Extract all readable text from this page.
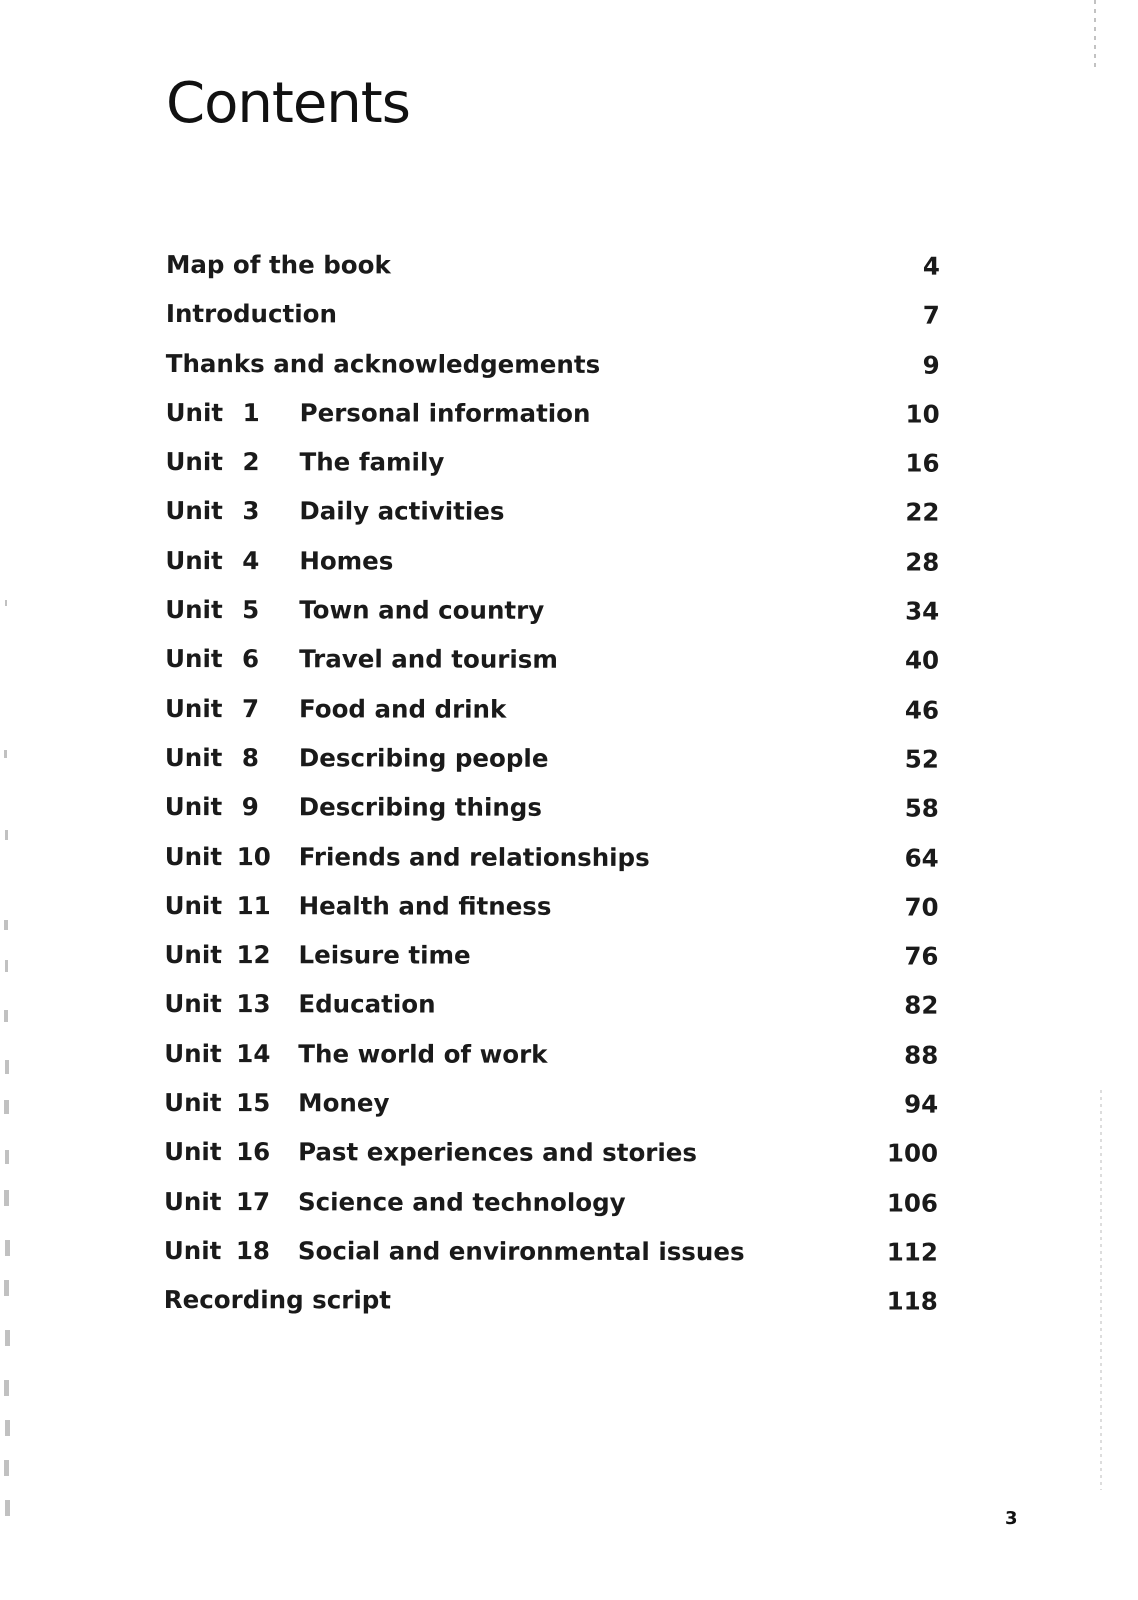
Contents
Map of the book	4
Introduction	7
Thanks and acknowledgements	9
Unit 1 Personal information	10
Unit 2 The family	16
Unit 3 Daily activities	22
Unit 4 Homes	28
Unit 5 Town and country	34
Unit 6 Travel and tourism	40
Unit 7 Food and drink	46
Unit 8 Describing people	52
Unit 9 Describing things	58
Unit 10 Friends and relationships	64
Unit 11 Health and fitness	70
Unit 12 Leisure time	76
Unit 13 Education	82
Unit 14 The world of work	88
Unit 15 Money	94
Unit 16 Past experiences and stories	100
Unit 17 Science and technology	106
Unit 18 Social and environmental issues	112
Recording script	118
3
